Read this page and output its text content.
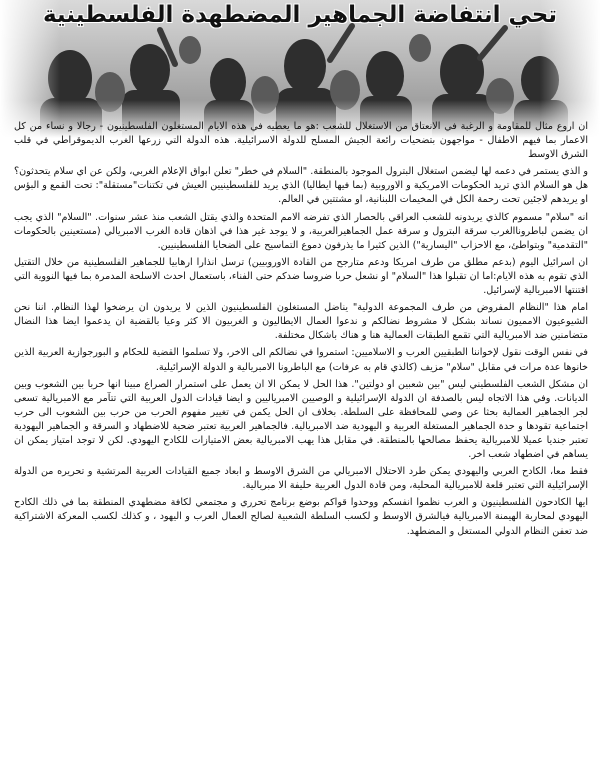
تحي انتفاضة الجماهير المضطهدة الفلسطينية

ان اروع مثال للمقاومة و الرغبة في الانعتاق من الاستغلال للشعب :هو ما يعطيه في هذه الايام المستغلون الفلسطينيون - رجالا و نساء من كل الاعمار بما فيهم الاطفال - مواجهون بتضحيات رائعة الجيش المسلح للدولة الاسرائيلية. هذه الدولة التي زرعها الغرب الديموقراطي في قلب الشرق الاوسط

و الذي يستمر في دعمه لها ليضمن استغلال البترول الموجود بالمنطقة. "السلام في خطر" تعلن ابواق الإعلام الغربي، ولكن عن اي سلام يتحدثون؟ هل هو السلام الذي تريد الحكومات الامريكية و الاوروبية (بما فيها ايطاليا) الذي يريد للفلسطينيين العيش في تكتنات"مستقلة": تحت القمع و البؤس او يريدهم لاجئين تحت رحمة الكل في المخيمات اللبنانية، او مشتتين في العالم.

انه "سلام" مسموم كالذي يريدونه للشعب العراقي بالحصار الذي تفرضه الامم المتحدة والذي يقتل الشعب منذ عشر سنوات. "السلام" الذي يجب ان يضمن لباطروناالغرب سرقة البترول و سرقة عمل الجماهيرالعربية، و لا يوجد غير هذا في اذهان قادة الغرب الامبريالي (مستعينين بالحكومات "التقدمية" وبتواطئ، مع الاحزاب "اليسارية") الذين كثيرا ما يذرفون دموع التماسيح على الضحايا الفلسطينيين.

ان اسرائيل اليوم (بدعم مطلق من طرف امريكا ودعم متارجح من القادة الاوروبيين) ترسل انذارا ارهابيا للجماهير الفلسطينية من خلال التقتيل الذي تقوم به هذه الايام:اما ان تقبلوا هذا "السلام" او نشعل حربا ضروسا ضدكم حتى الفناء، باستعمال احدث الاسلحة المدمرة بما فيها النووية التي اقتنتها الامبريالية لإسرائيل.

امام هذا "النظام المفروض من طرف المجموعة الدولية" يناضل المستغلون الفلسطينيون الذين لا يريدون ان يرضخوا لهذا النظام. اننا نحن الشيوعيون الامميون نساند بشكل لا مشروط نضالكم و ندعوا العمال الايطاليون و الغربيون الا كثر وعيا بالقضية ان يدعموا ايضا هذا النضال متضامنين ضد الامبريالية التي تقمع الطبقات العمالية هنا و هناك باشكال مختلفة.

في نفس الوقت نقول لإخواننا الطبقيين العرب و الاسلاميين: استمروا في نضالكم الى الاخر، ولا تسلموا القضية للحكام و البورجوازية العربية الذين خانوها عدة مرات في مقابل "سلام" مزيف (كالذي قام به عرفات) مع الباطرونا الامبريالية و الدولة الإسرائيلية.

ان مشكل الشعب الفلسطيني ليس "بين شعبين او دولتين". هذا الحل لا يمكن الا ان يعمل على استمرار الصراع مبينا انها حربا بين الشعوب وبين الديانات. وفي هذا الاتجاه ليس بالصدفة ان الدولة الإسرائيلية و الوصيين الامبرياليين و ايضا قيادات الدول العربية التي تتآمر مع الامبريالية تسعى لجر الجماهير العمالية بحثا عن وصي للمحافظة على السلطة. بخلاف ان الحل يكمن في تغيير مفهوم الحرب من حرب بين الشعوب الى حرب اجتماعية تقودها و حدة الجماهير المستغلة العربية و اليهودية ضد الامبريالية. فالجماهير العربية تعتبر ضحية للاضطهاد و السرقة و الجماهير اليهودية تعتبر جنديا عميلا للامبريالية يحفظ مصالحها بالمنطقة. في مقابل هذا يهب الامبريالية بعض الامتيازات للكادح اليهودي. لكن لا توجد امتياز يمكن ان يساهم في اضطهاد شعب اخر.

فقط معا، الكادح العربي واليهودي يمكن طرد الاحتلال الامبريالي من الشرق الاوسط و ابعاد جميع القيادات العربية المرتشية و تحريره من الدولة الإسرائيلية التي تعتبر قلعة للامبريالية المحلية، ومن قادة الدول العربية حليفة الا مبريالية.

ايها الكادحون الفلسطينيون و العرب نظموا انفسكم ووحدوا قواكم بوضع برنامج تحرري و مجتمعي لكافة مضطهدي المنطقة بما في ذلك الكادح اليهودي لمحاربة الهيمنة الامبريالية فيالشرق الاوسط و لكسب السلطة الشعبية لصالح العمال العرب و اليهود ، و كذلك لكسب المعركة الاشتراكية ضد تعفن النظام الدولي المستغل و المضطهد.
